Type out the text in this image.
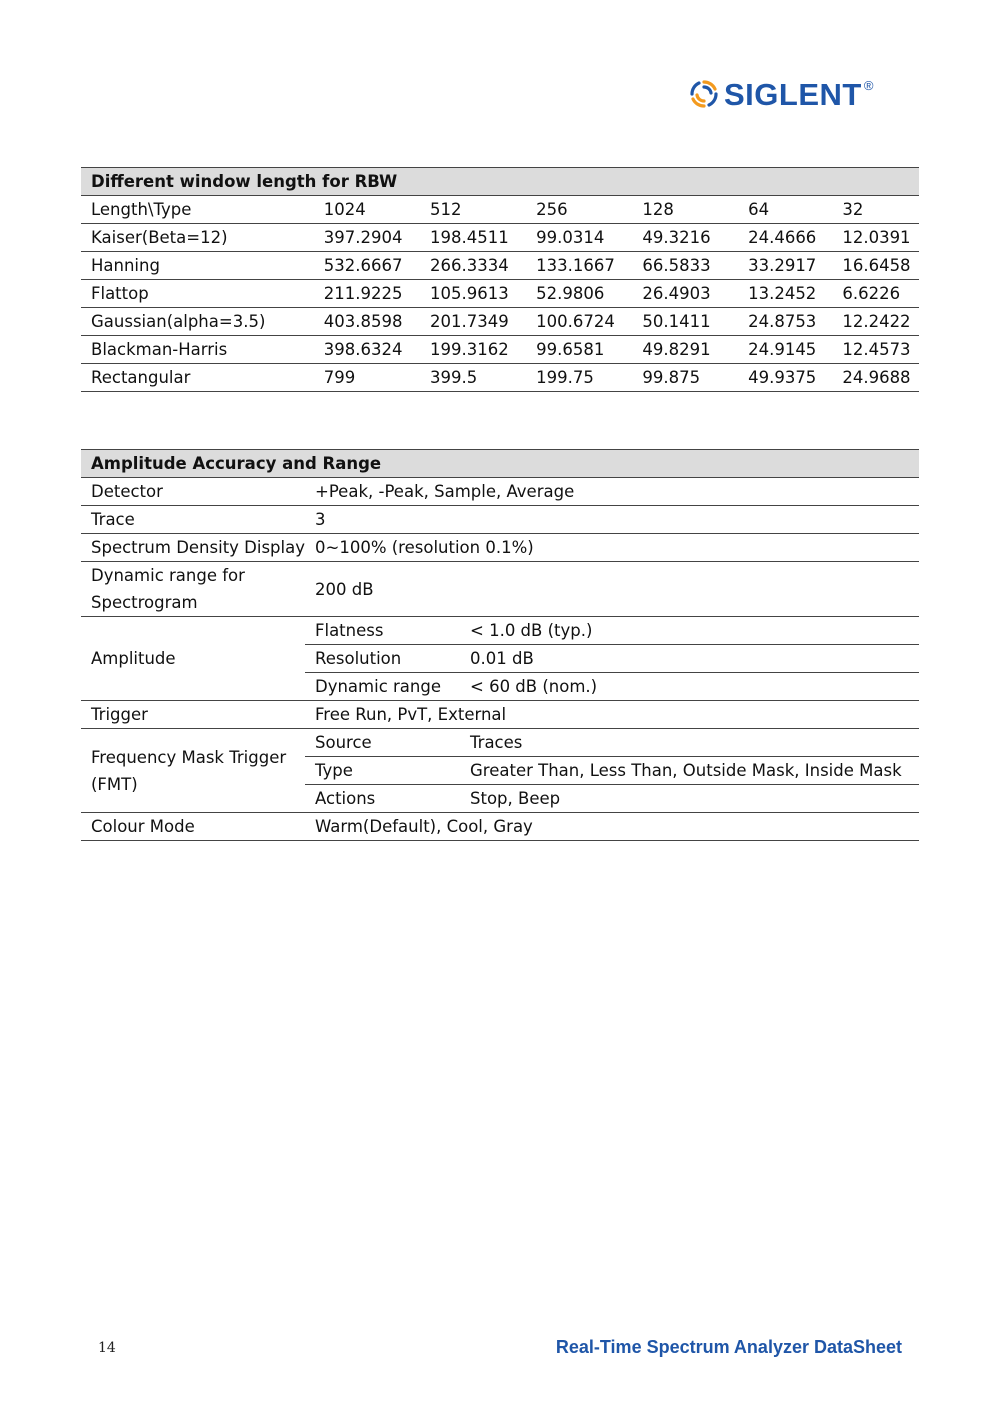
SIGLENT ®
Different window length for RBW						
Length\Type	1024	512	256	128	64	32
Kaiser(Beta=12)	397.2904	198.4511	99.0314	49.3216	24.4666	12.0391
Hanning	532.6667	266.3334	133.1667	66.5833	33.2917	16.6458
Flattop	211.9225	105.9613	52.9806	26.4903	13.2452	6.6226
Gaussian(alpha=3.5)	403.8598	201.7349	100.6724	50.1411	24.8753	12.2422
Blackman-Harris	398.6324	199.3162	99.6581	49.8291	24.9145	12.4573
Rectangular	799	399.5	199.75	99.875	49.9375	24.9688
Amplitude Accuracy and Range		
Detector	+Peak, -Peak, Sample, Average	
Trace	3	
Spectrum Density Display	0~100% (resolution 0.1%)	
Dynamic range for Spectrogram	200 dB	
Amplitude	Flatness	< 1.0 dB (typ.)
	Resolution	0.01 dB
	Dynamic range	< 60 dB (nom.)
Trigger	Free Run, PvT, External	
Frequency Mask Trigger (FMT)	Source	Traces
	Type	Greater Than, Less Than, Outside Mask, Inside Mask
	Actions	Stop, Beep
Colour Mode	Warm(Default), Cool, Gray	
14	Real-Time Spectrum Analyzer DataSheet
